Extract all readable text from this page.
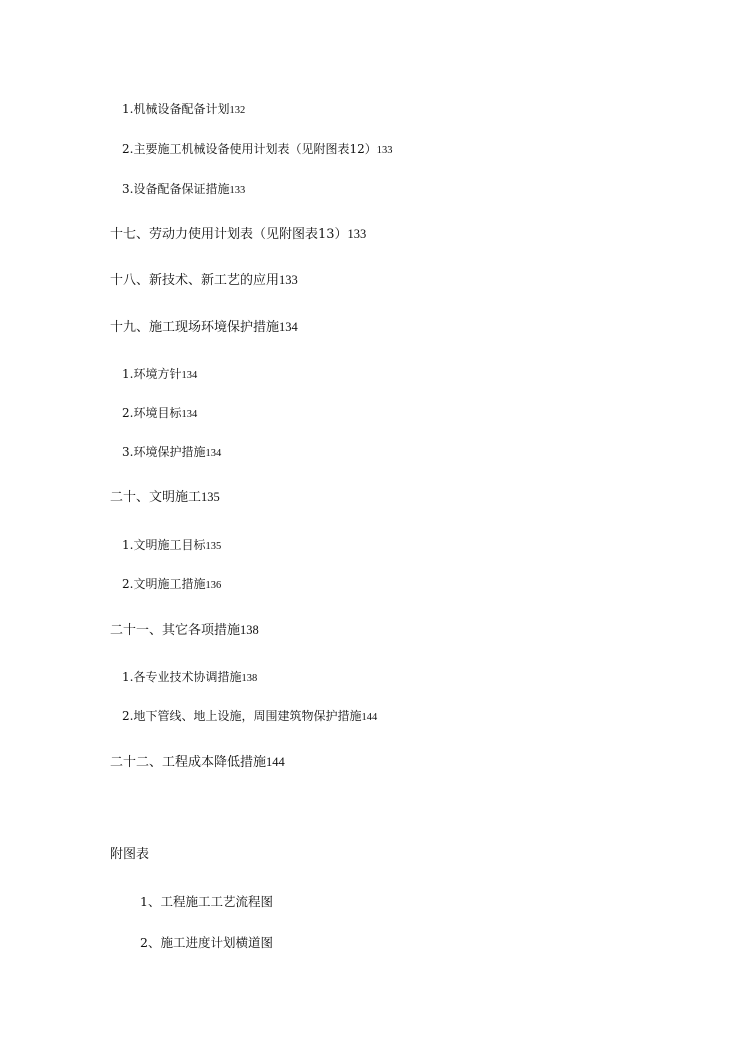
1.机械设备配备计划132
2.主要施工机械设备使用计划表（见附图表12）133
3.设备配备保证措施133
十七、劳动力使用计划表（见附图表13）133
十八、新技术、新工艺的应用133
十九、施工现场环境保护措施134
1.环境方针134
2.环境目标134
3.环境保护措施134
二十、文明施工135
1.文明施工目标135
2.文明施工措施136
二十一、其它各项措施138
1.各专业技术协调措施138
2.地下管线、地上设施，周围建筑物保护措施144
二十二、工程成本降低措施144
附图表
1、工程施工工艺流程图
2、施工进度计划横道图
